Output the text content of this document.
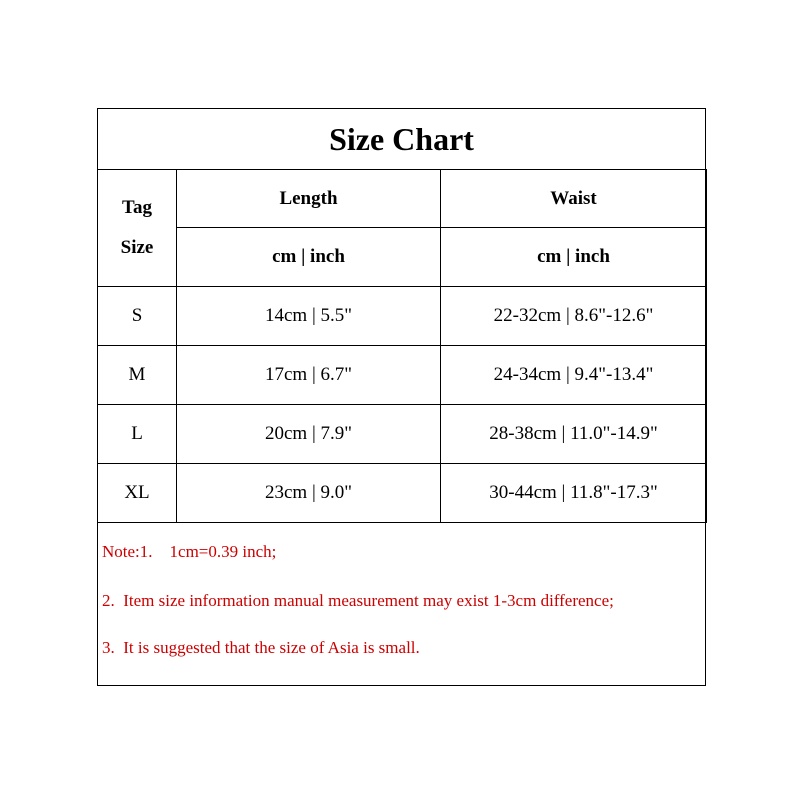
Size Chart
Tag
Size	Length	Waist
	cm | inch	cm | inch
S	14cm | 5.5"	22-32cm | 8.6"-12.6"
M	17cm | 6.7"	24-34cm | 9.4"-13.4"
L	20cm | 7.9"	28-38cm | 11.0"-14.9"
XL	23cm | 9.0"	30-44cm | 11.8"-17.3"
Note:1.    1cm=0.39 inch;
2.  Item size information manual measurement may exist 1-3cm difference;
3.  It is suggested that the size of Asia is small.
